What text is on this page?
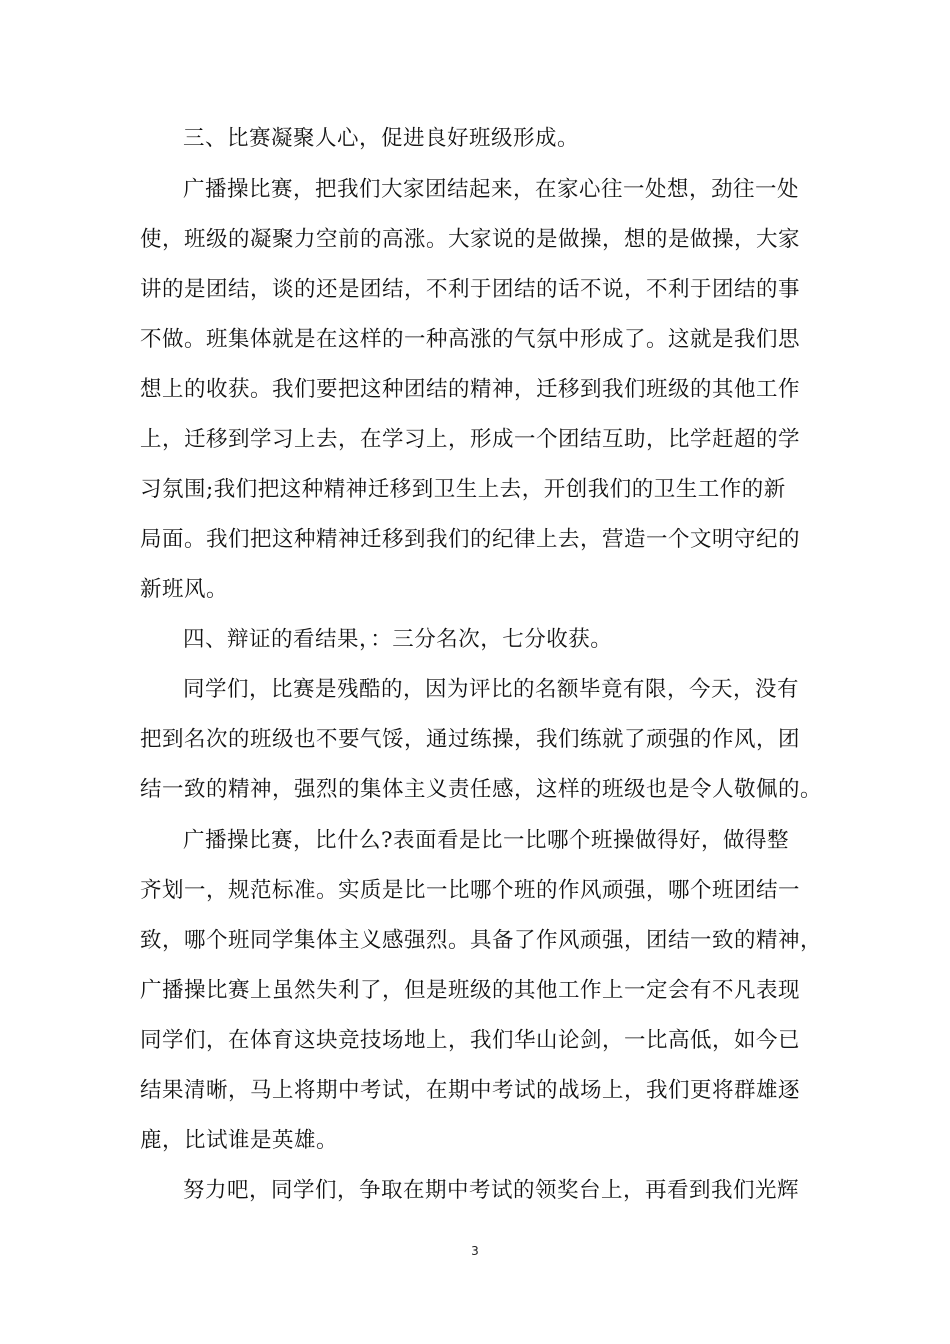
三、比赛凝聚人心，促进良好班级形成。
广播操比赛，把我们大家团结起来，在家心往一处想，劲往一处
使，班级的凝聚力空前的高涨。大家说的是做操，想的是做操，大家
讲的是团结，谈的还是团结，不利于团结的话不说，不利于团结的事
不做。班集体就是在这样的一种高涨的气氛中形成了。这就是我们思
想上的收获。我们要把这种团结的精神，迁移到我们班级的其他工作
上，迁移到学习上去，在学习上，形成一个团结互助，比学赶超的学
习氛围;我们把这种精神迁移到卫生上去，开创我们的卫生工作的新
局面。我们把这种精神迁移到我们的纪律上去，营造一个文明守纪的
新班风。
四、辩证的看结果，：三分名次，七分收获。
同学们，比赛是残酷的，因为评比的名额毕竟有限，今天，没有
把到名次的班级也不要气馁，通过练操，我们练就了顽强的作风，团
结一致的精神，强烈的集体主义责任感，这样的班级也是令人敬佩的。
广播操比赛，比什么?表面看是比一比哪个班操做得好，做得整
齐划一，规范标准。实质是比一比哪个班的作风顽强，哪个班团结一
致，哪个班同学集体主义感强烈。具备了作风顽强，团结一致的精神，
广播操比赛上虽然失利了，但是班级的其他工作上一定会有不凡表现
同学们，在体育这块竞技场地上，我们华山论剑，一比高低，如今已
结果清晰，马上将期中考试，在期中考试的战场上，我们更将群雄逐
鹿，比试谁是英雄。
努力吧，同学们，争取在期中考试的领奖台上，再看到我们光辉
3
